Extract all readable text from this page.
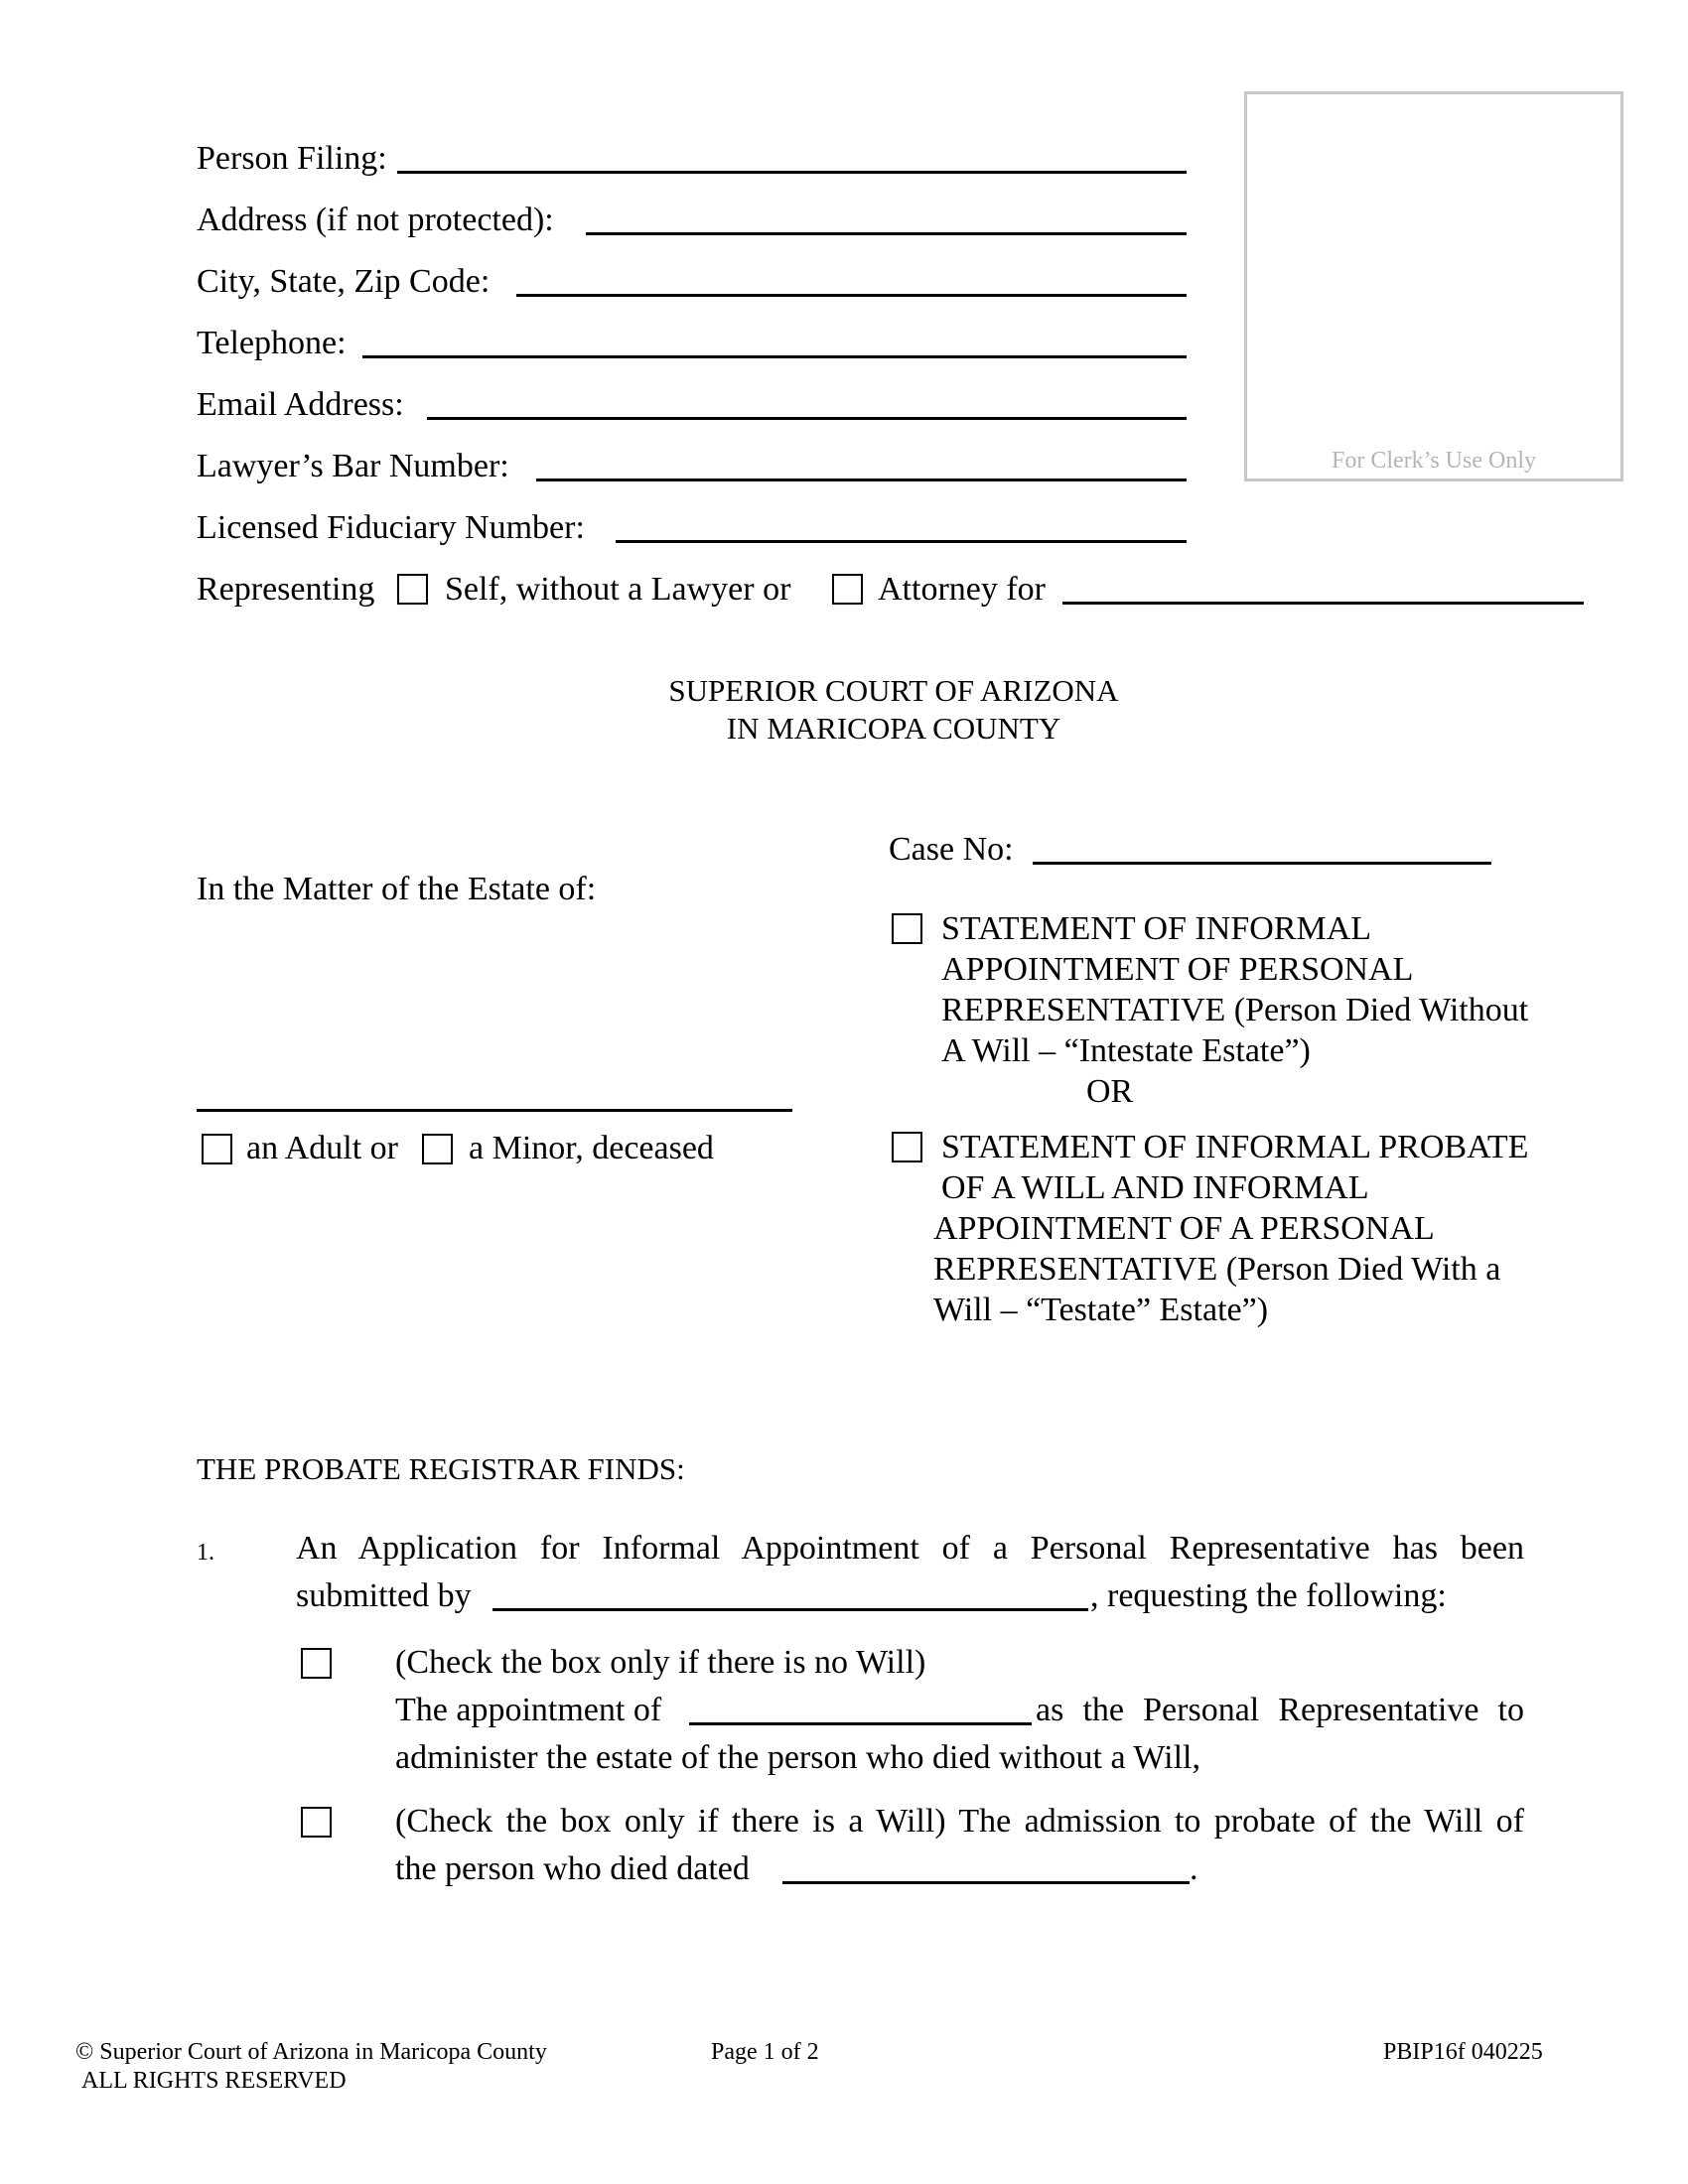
For Clerk’s Use Only
Person Filing:
Address (if not protected):
City, State, Zip Code:
Telephone:
Email Address:
Lawyer’s Bar Number:
Licensed Fiduciary Number:
Representing Self, without a Lawyer or	Attorney for
SUPERIOR COURT OF ARIZONA
IN MARICOPA COUNTY
In the Matter of the Estate of:
an Adult or a Minor, deceased
Case No:
STATEMENT OF INFORMAL
APPOINTMENT OF PERSONAL
REPRESENTATIVE (Person Died Without
A Will – “Intestate Estate”)
OR
STATEMENT OF INFORMAL PROBATE
OF A WILL AND INFORMAL
APPOINTMENT OF A PERSONAL
REPRESENTATIVE (Person Died With a
Will – “Testate” Estate”)
THE PROBATE REGISTRAR FINDS:
1. An Application for Informal Appointment of a Personal Representative has been
submitted by	, requesting the following:
(Check the box only if there is no Will)
The appointment of	as the Personal Representative to
administer the estate of the person who died without a Will,
(Check the box only if there is a Will) The admission to probate of the Will of
the person who died dated	.
© Superior Court of Arizona in Maricopa County
ALL RIGHTS RESERVED
Page 1 of 2	PBIP16f 040225
